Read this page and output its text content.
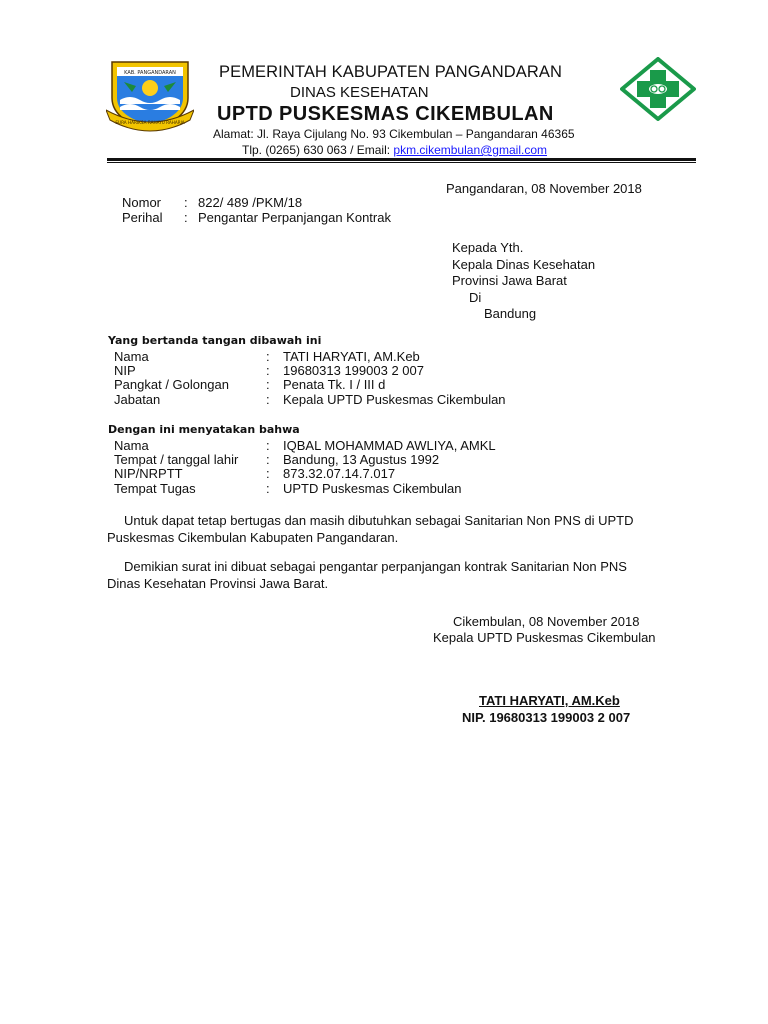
KAB. PANGANDARAN
SURA HARIKSA RAHAYU RAHARJA
PEMERINTAH KABUPATEN PANGANDARAN
DINAS KESEHATAN
UPTD PUSKESMAS CIKEMBULAN
Alamat: Jl. Raya Cijulang No. 93 Cikembulan – Pangandaran 46365
Tlp. (0265) 630 063 / Email: pkm.cikembulan@gmail.com
Pangandaran, 08 November 2018
Nomor	: 822/ 489 /PKM/18
Perihal	: Pengantar Perpanjangan Kontrak
Kepada Yth.
Kepala Dinas Kesehatan
Provinsi Jawa Barat
Di
Bandung
Yang bertanda tangan dibawah ini
Nama	:	TATI HARYATI, AM.Keb
NIP	:	19680313 199003 2 007
Pangkat / Golongan	:	Penata Tk. I / III d
Jabatan	:	Kepala UPTD Puskesmas Cikembulan
Dengan ini menyatakan bahwa
Nama	:	IQBAL MOHAMMAD AWLIYA, AMKL
Tempat / tanggal lahir	:	Bandung, 13 Agustus 1992
NIP/NRPTT	:	873.32.07.14.7.017
Tempat Tugas	:	UPTD Puskesmas Cikembulan
Untuk dapat tetap bertugas dan masih dibutuhkan sebagai Sanitarian Non PNS di UPTD
Puskesmas Cikembulan Kabupaten Pangandaran.
Demikian surat ini dibuat sebagai pengantar perpanjangan kontrak Sanitarian Non PNS
Dinas Kesehatan Provinsi Jawa Barat.
Cikembulan, 08 November 2018
Kepala UPTD Puskesmas Cikembulan
TATI HARYATI, AM.Keb
NIP. 19680313 199003 2 007
